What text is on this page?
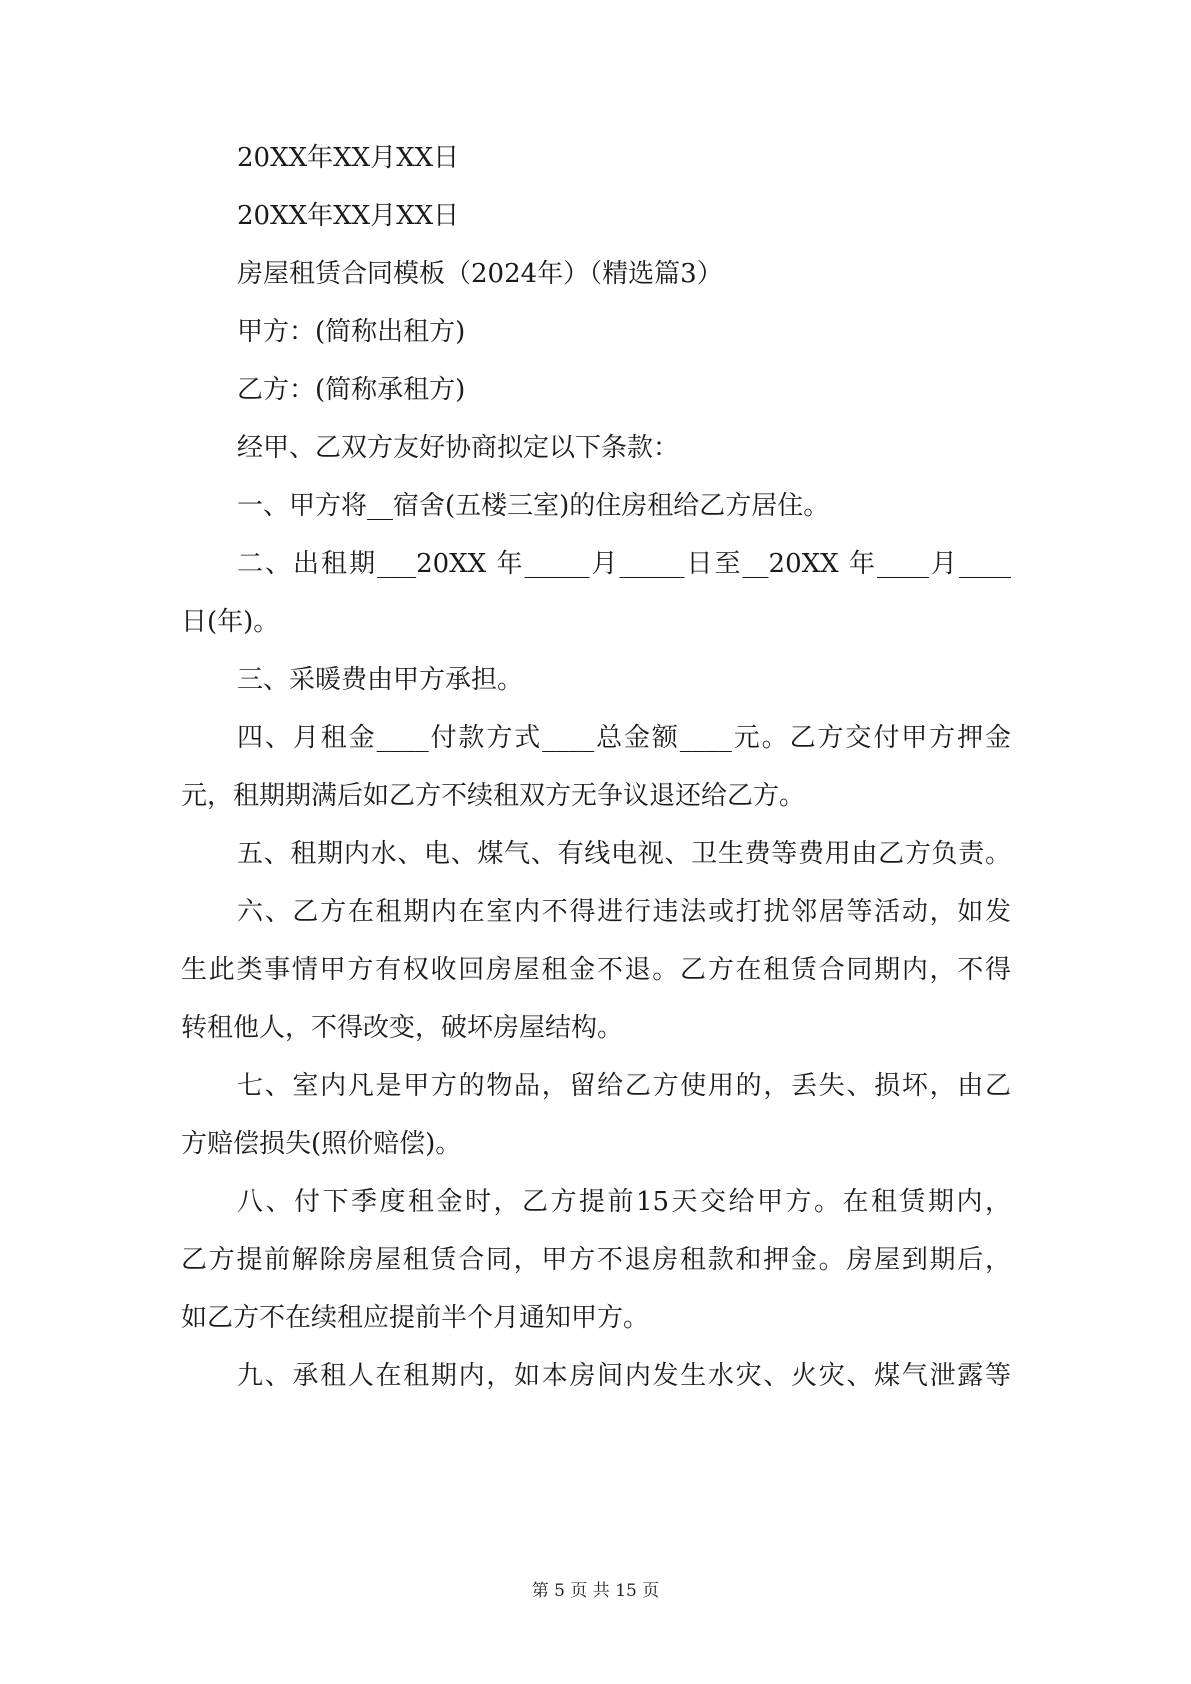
20XX年XX月XX日
20XX年XX月XX日
房屋租赁合同模板（2024年）（精选篇3）
甲方：(简称出租方)
乙方：(简称承租方)
经甲、乙双方友好协商拟定以下条款：
一、甲方将__宿舍(五楼三室)的住房租给乙方居住。
二、出租期___20XX 年_____月_____日至__20XX 年____月____
日(年)。
三、采暖费由甲方承担。
四、月租金____付款方式____总金额____元。乙方交付甲方押金
元，租期期满后如乙方不续租双方无争议退还给乙方。
五、租期内水、电、煤气、有线电视、卫生费等费用由乙方负责。
六、乙方在租期内在室内不得进行违法或打扰邻居等活动，如发
生此类事情甲方有权收回房屋租金不退。乙方在租赁合同期内，不得
转租他人，不得改变，破坏房屋结构。
七、室内凡是甲方的物品，留给乙方使用的，丢失、损坏，由乙
方赔偿损失(照价赔偿)。
八、付下季度租金时，乙方提前15天交给甲方。在租赁期内，
乙方提前解除房屋租赁合同，甲方不退房租款和押金。房屋到期后，
如乙方不在续租应提前半个月通知甲方。
九、承租人在租期内，如本房间内发生水灾、火灾、煤气泄露等
第 5 页 共 15 页
